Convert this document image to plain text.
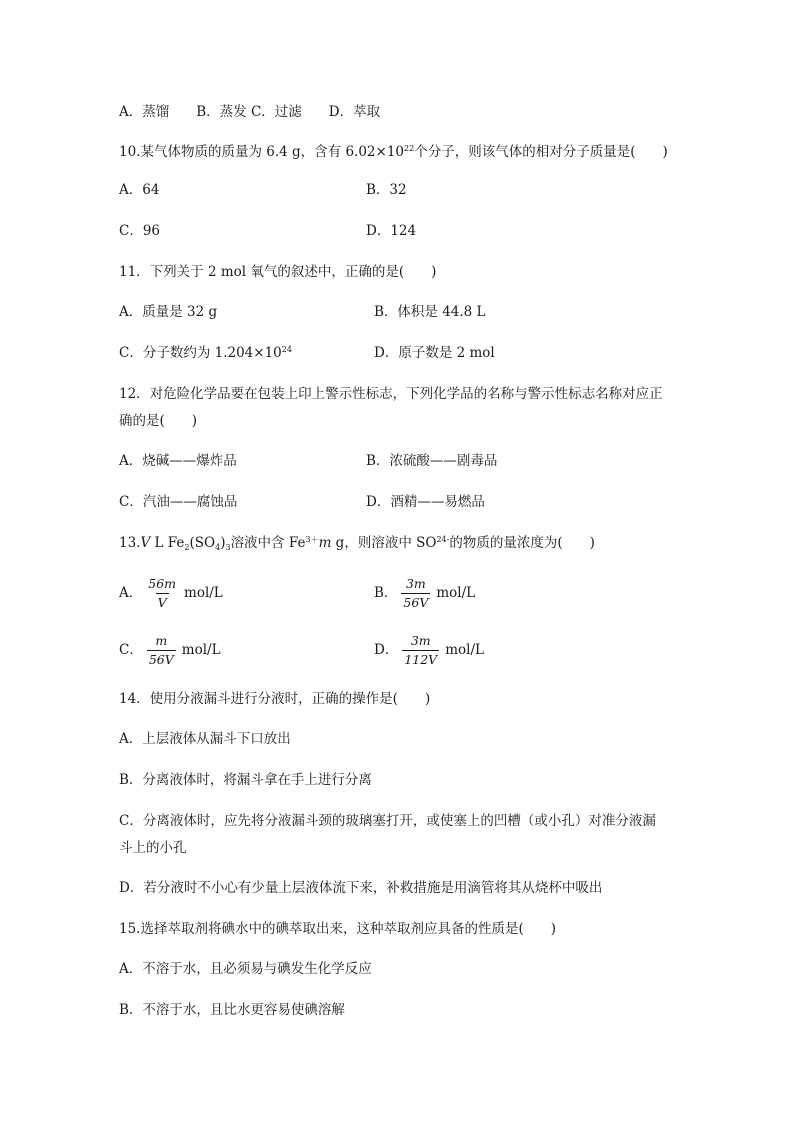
A．蒸馏　　B．蒸发 C．过滤　　D．萃取
10.某气体物质的质量为 6.4 g，含有 $6.02\times 10^{22}$个分子，则该气体的相对分子质量是(　　)
A．64	B．32
C．96	D．124
11．下列关于 2 mol 氧气的叙述中，正确的是(　　)
A．质量是 32 g	B．体积是 44.8 L
C．分子数约为 $1.204\times 10^{24}$	D．原子数是 2 mol
12．对危险化学品要在包装上印上警示性标志，下列化学品的名称与警示性标志名称对应正
确的是(　　)
A．烧碱——爆炸品	B．浓硫酸——剧毒品
C．汽油——腐蚀品	D．酒精——易燃品
13.V L $Fe_2(SO_4)_3$溶液中含 $Fe^{3+}m$ g，则溶液中 $SO^{24-}$的物质的量浓度为(　　)
A． $\frac{56m}{V} mol/L$	B． $\frac{3m}{56V} mol/L$
C． $\frac{m}{56V} mol/L$	D． $\frac{3m}{112V} mol/L$
14．使用分液漏斗进行分液时，正确的操作是(　　)
A．上层液体从漏斗下口放出
B．分离液体时，将漏斗拿在手上进行分离
C．分离液体时，应先将分液漏斗颈的玻璃塞打开，或使塞上的凹槽（或小孔）对准分液漏
斗上的小孔
D．若分液时不小心有少量上层液体流下来，补救措施是用滴管将其从烧杯中吸出
15.选择萃取剂将碘水中的碘萃取出来，这种萃取剂应具备的性质是(　　)
A．不溶于水，且必须易与碘发生化学反应
B．不溶于水，且比水更容易使碘溶解
